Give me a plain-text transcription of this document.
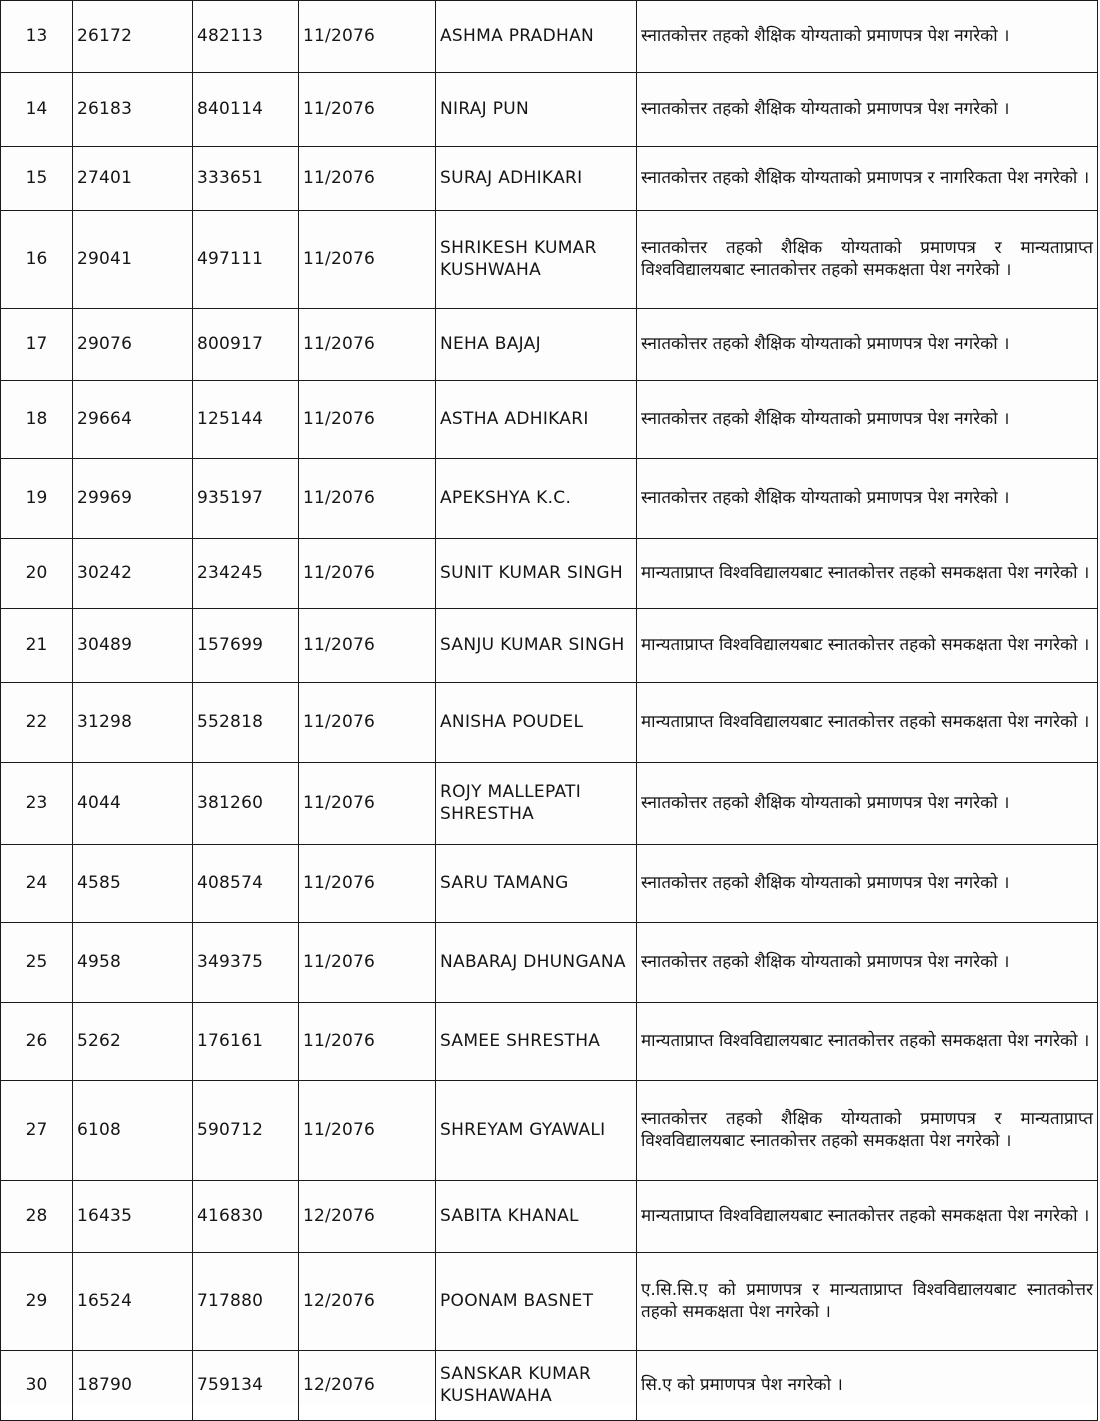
13	26172	482113	11/2076	ASHMA PRADHAN	स्नातकोत्तर तहको शैक्षिक योग्यताको प्रमाणपत्र पेश नगरेको ।
14	26183	840114	11/2076	NIRAJ PUN	स्नातकोत्तर तहको शैक्षिक योग्यताको प्रमाणपत्र पेश नगरेको ।
15	27401	333651	11/2076	SURAJ ADHIKARI	स्नातकोत्तर तहको शैक्षिक योग्यताको प्रमाणपत्र र नागरिकता पेश नगरेको ।
16	29041	497111	11/2076	SHRIKESH KUMAR KUSHWAHA	स्नातकोत्तर तहको शैक्षिक योग्यताको प्रमाणपत्र र मान्यताप्राप्त विश्वविद्यालयबाट स्नातकोत्तर तहको समकक्षता पेश नगरेको ।
17	29076	800917	11/2076	NEHA BAJAJ	स्नातकोत्तर तहको शैक्षिक योग्यताको प्रमाणपत्र पेश नगरेको ।
18	29664	125144	11/2076	ASTHA ADHIKARI	स्नातकोत्तर तहको शैक्षिक योग्यताको प्रमाणपत्र पेश नगरेको ।
19	29969	935197	11/2076	APEKSHYA K.C.	स्नातकोत्तर तहको शैक्षिक योग्यताको प्रमाणपत्र पेश नगरेको ।
20	30242	234245	11/2076	SUNIT KUMAR SINGH	मान्यताप्राप्त विश्वविद्यालयबाट स्नातकोत्तर तहको समकक्षता पेश नगरेको ।
21	30489	157699	11/2076	SANJU KUMAR SINGH	मान्यताप्राप्त विश्वविद्यालयबाट स्नातकोत्तर तहको समकक्षता पेश नगरेको ।
22	31298	552818	11/2076	ANISHA POUDEL	मान्यताप्राप्त विश्वविद्यालयबाट स्नातकोत्तर तहको समकक्षता पेश नगरेको ।
23	4044	381260	11/2076	ROJY MALLEPATI SHRESTHA	स्नातकोत्तर तहको शैक्षिक योग्यताको प्रमाणपत्र पेश नगरेको ।
24	4585	408574	11/2076	SARU TAMANG	स्नातकोत्तर तहको शैक्षिक योग्यताको प्रमाणपत्र पेश नगरेको ।
25	4958	349375	11/2076	NABARAJ DHUNGANA	स्नातकोत्तर तहको शैक्षिक योग्यताको प्रमाणपत्र पेश नगरेको ।
26	5262	176161	11/2076	SAMEE SHRESTHA	मान्यताप्राप्त विश्वविद्यालयबाट स्नातकोत्तर तहको समकक्षता पेश नगरेको ।
27	6108	590712	11/2076	SHREYAM GYAWALI	स्नातकोत्तर तहको शैक्षिक योग्यताको प्रमाणपत्र र मान्यताप्राप्त विश्वविद्यालयबाट स्नातकोत्तर तहको समकक्षता पेश नगरेको ।
28	16435	416830	12/2076	SABITA KHANAL	मान्यताप्राप्त विश्वविद्यालयबाट स्नातकोत्तर तहको समकक्षता पेश नगरेको ।
29	16524	717880	12/2076	POONAM BASNET	ए.सि.सि.ए को प्रमाणपत्र र मान्यताप्राप्त विश्वविद्यालयबाट स्नातकोत्तर तहको समकक्षता पेश नगरेको ।
30	18790	759134	12/2076	SANSKAR KUMAR KUSHAWAHA	सि.ए को प्रमाणपत्र पेश नगरेको ।
